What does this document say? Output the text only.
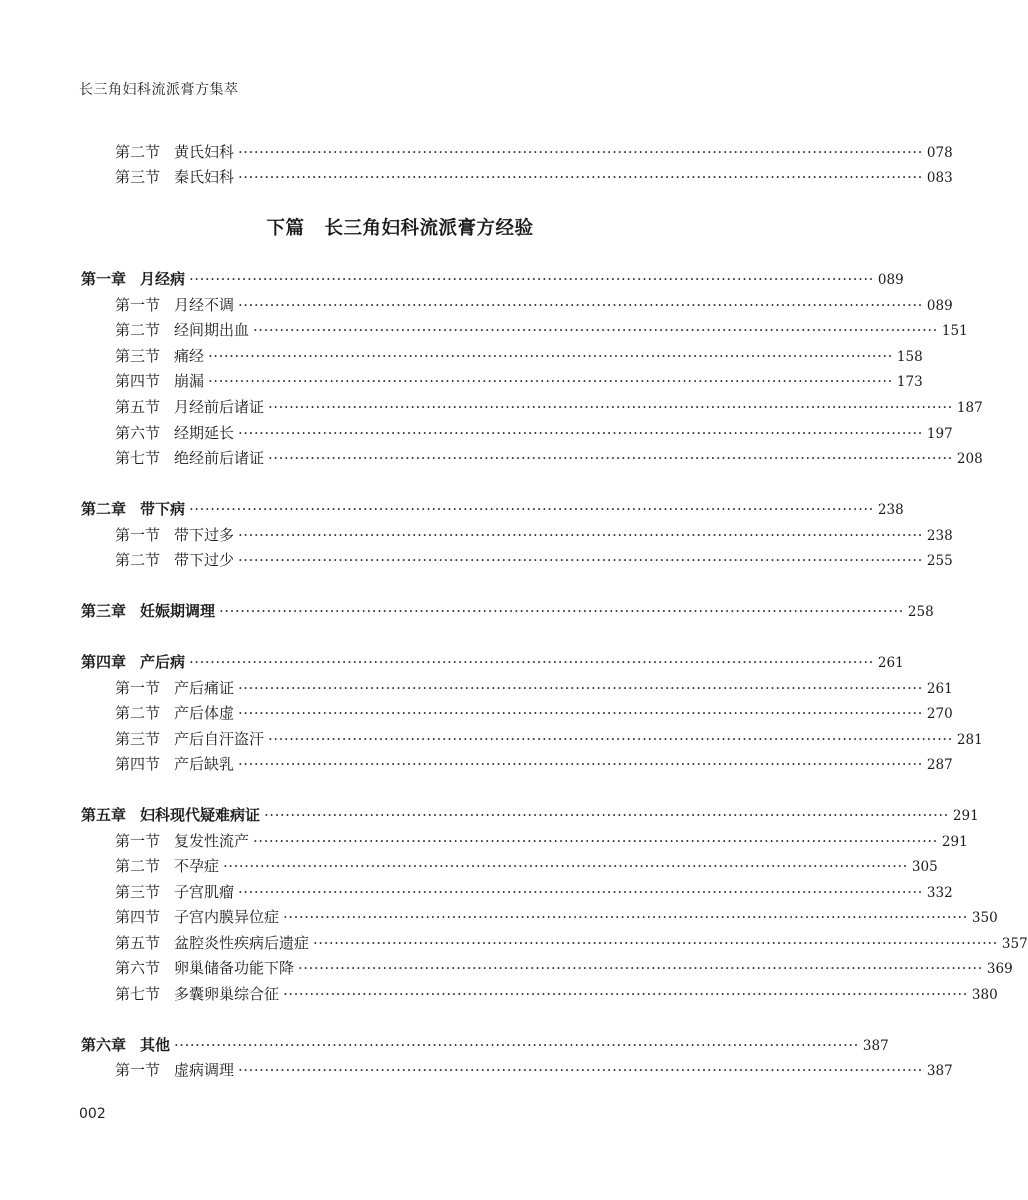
长三角妇科流派膏方集萃
第二节 黄氏妇科 ·································································································································· 078
第三节 秦氏妇科 ·································································································································· 083
下篇 长三角妇科流派膏方经验
第一章 月经病 ·································································································································· 089
第一节 月经不调 ·································································································································· 089
第二节 经间期出血 ·································································································································· 151
第三节 痛经 ·································································································································· 158
第四节 崩漏 ·································································································································· 173
第五节 月经前后诸证 ·································································································································· 187
第六节 经期延长 ·································································································································· 197
第七节 绝经前后诸证 ·································································································································· 208
第二章 带下病 ·································································································································· 238
第一节 带下过多 ·································································································································· 238
第二节 带下过少 ·································································································································· 255
第三章 妊娠期调理 ·································································································································· 258
第四章 产后病 ·································································································································· 261
第一节 产后痛证 ·································································································································· 261
第二节 产后体虚 ·································································································································· 270
第三节 产后自汗盗汗 ·································································································································· 281
第四节 产后缺乳 ·································································································································· 287
第五章 妇科现代疑难病证 ·································································································································· 291
第一节 复发性流产 ·································································································································· 291
第二节 不孕症 ·································································································································· 305
第三节 子宫肌瘤 ·································································································································· 332
第四节 子宫内膜异位症 ·································································································································· 350
第五节 盆腔炎性疾病后遗症 ·································································································································· 357
第六节 卵巢储备功能下降 ·································································································································· 369
第七节 多囊卵巢综合征 ·································································································································· 380
第六章 其他 ·································································································································· 387
第一节 虚病调理 ·································································································································· 387
002
